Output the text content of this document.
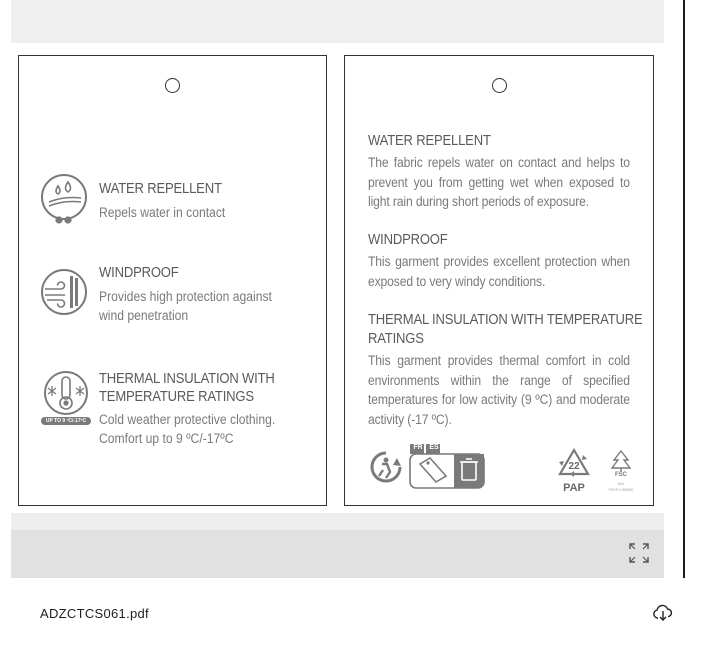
WATER REPELLENT
Repels water in contact
WINDPROOF
Provides high protection against
wind penetration
UP TO 9 ºC/-17ºC
THERMAL INSULATION WITH
TEMPERATURE RATINGS
Cold weather protective clothing.
Comfort up to 9 ºC/-17ºC
WATER REPELLENT
The fabric repels water on contact and helps to prevent you from getting wet when exposed to light rain during short periods of exposure.
WINDPROOF
This garment provides excellent protection when exposed to very windy conditions.
THERMAL INSULATION WITH TEMPERATURE
RATINGS
This garment provides thermal comfort in cold environments within the range of specified temperatures for low activity (9 ºC) and moderate activity (-17 ºC).
FR ES
22
PAP
FSC
MIX
FSC® C000000
ADZCTCS061.pdf
